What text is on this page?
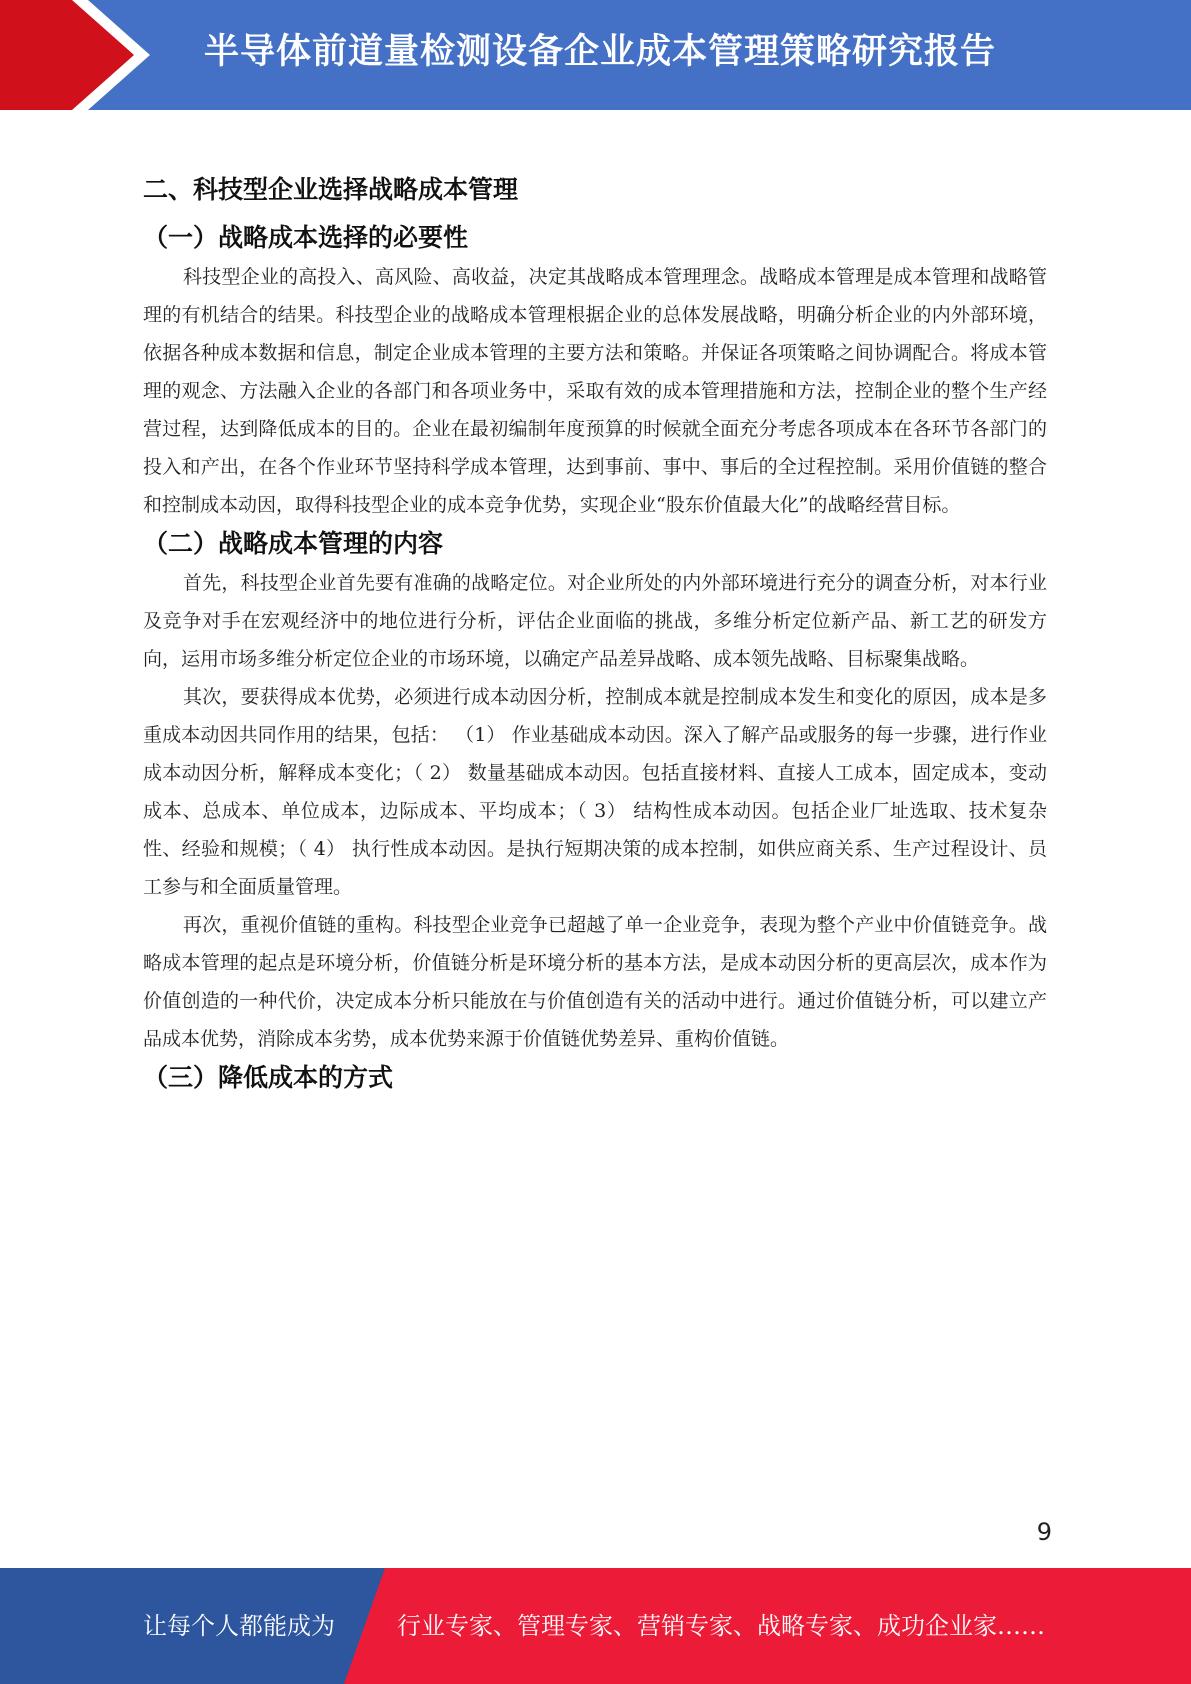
半导体前道量检测设备企业成本管理策略研究报告
二、科技型企业选择战略成本管理
（一）战略成本选择的必要性

科技型企业的高投入、高风险、高收益，决定其战略成本管理理念。战略成本管理是成本管理和战略管理的有机结合的结果。科技型企业的战略成本管理根据企业的总体发展战略，明确分析企业的内外部环境，依据各种成本数据和信息，制定企业成本管理的主要方法和策略。并保证各项策略之间协调配合。将成本管理的观念、方法融入企业的各部门和各项业务中，采取有效的成本管理措施和方法，控制企业的整个生产经营过程，达到降低成本的目的。企业在最初编制年度预算的时候就全面充分考虑各项成本在各环节各部门的投入和产出，在各个作业环节坚持科学成本管理，达到事前、事中、事后的全过程控制。采用价值链的整合和控制成本动因，取得科技型企业的成本竞争优势，实现企业“股东价值最大化”的战略经营目标。

（二）战略成本管理的内容

首先，科技型企业首先要有准确的战略定位。对企业所处的内外部环境进行充分的调查分析，对本行业及竞争对手在宏观经济中的地位进行分析，评估企业面临的挑战，多维分析定位新产品、新工艺的研发方向，运用市场多维分析定位企业的市场环境，以确定产品差异战略、成本领先战略、目标聚集战略。

其次，要获得成本优势，必须进行成本动因分析，控制成本就是控制成本发生和变化的原因，成本是多重成本动因共同作用的结果，包括： （1） 作业基础成本动因。深入了解产品或服务的每一步骤，进行作业成本动因分析，解释成本变化；（ 2） 数量基础成本动因。包括直接材料、直接人工成本，固定成本，变动成本、总成本、单位成本，边际成本、平均成本；（ 3） 结构性成本动因。包括企业厂址选取、技术复杂性、经验和规模；（ 4） 执行性成本动因。是执行短期决策的成本控制，如供应商关系、生产过程设计、员工参与和全面质量管理。

再次，重视价值链的重构。科技型企业竞争已超越了单一企业竞争，表现为整个产业中价值链竞争。战略成本管理的起点是环境分析，价值链分析是环境分析的基本方法，是成本动因分析的更高层次，成本作为价值创造的一种代价，决定成本分析只能放在与价值创造有关的活动中进行。通过价值链分析，可以建立产品成本优势，消除成本劣势，成本优势来源于价值链优势差异、重构价值链。

（三）降低成本的方式
9
让每个人都能成为	行业专家、管理专家、营销专家、战略专家、成功企业家……
